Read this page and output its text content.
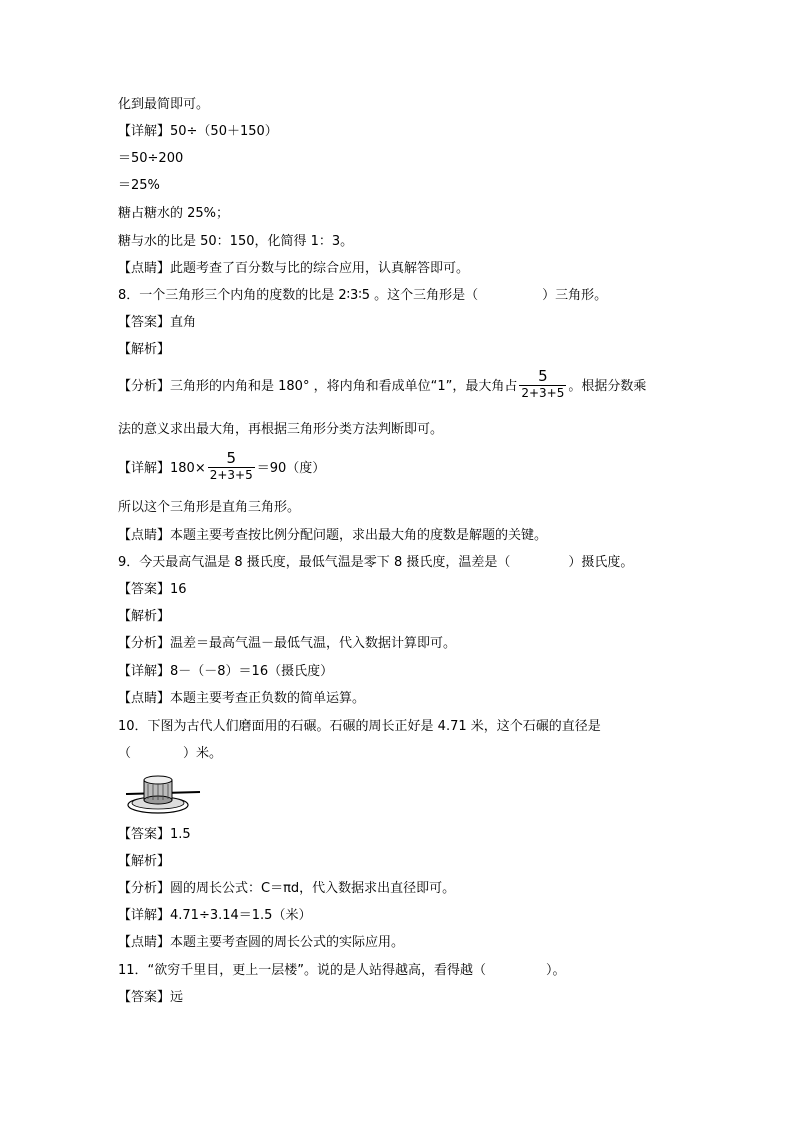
化到最简即可。
【详解】50÷（50＋150）
＝50÷200
＝25%
糖占糖水的 25%；
糖与水的比是 50：150，化简得 1：3。
【点睛】此题考查了百分数与比的综合应用，认真解答即可。
8．一个三角形三个内角的度数的比是 2∶3∶5 。这个三角形是（	）三角形。
【答案】直角
【解析】
【分析】三角形的内角和是 180° ，将内角和看成单位“1”，最大角占 $\frac{5}{2+3+5}$ 。根据分数乘
法的意义求出最大角，再根据三角形分类方法判断即可。
【详解】$180\times \frac{5}{2+3+5} =90$（度）
所以这个三角形是直角三角形。
【点睛】本题主要考查按比例分配问题，求出最大角的度数是解题的关键。
9．今天最高气温是 8 摄氏度，最低气温是零下 8 摄氏度，温差是（	）摄氏度。
【答案】16
【解析】
【分析】温差＝最高气温－最低气温，代入数据计算即可。
【详解】8－（－8）＝16（摄氏度）
【点睛】本题主要考查正负数的简单运算。
10．下图为古代人们磨面用的石碾。石碾的周长正好是 4.71 米，这个石碾的直径是
（	）米。
【答案】1.5
【解析】
【分析】圆的周长公式：C＝πd，代入数据求出直径即可。
【详解】4.71÷3.14＝1.5（米）
【点睛】本题主要考查圆的周长公式的实际应用。
11．“欲穷千里目，更上一层楼”。说的是人站得越高，看得越（	）。
【答案】远
